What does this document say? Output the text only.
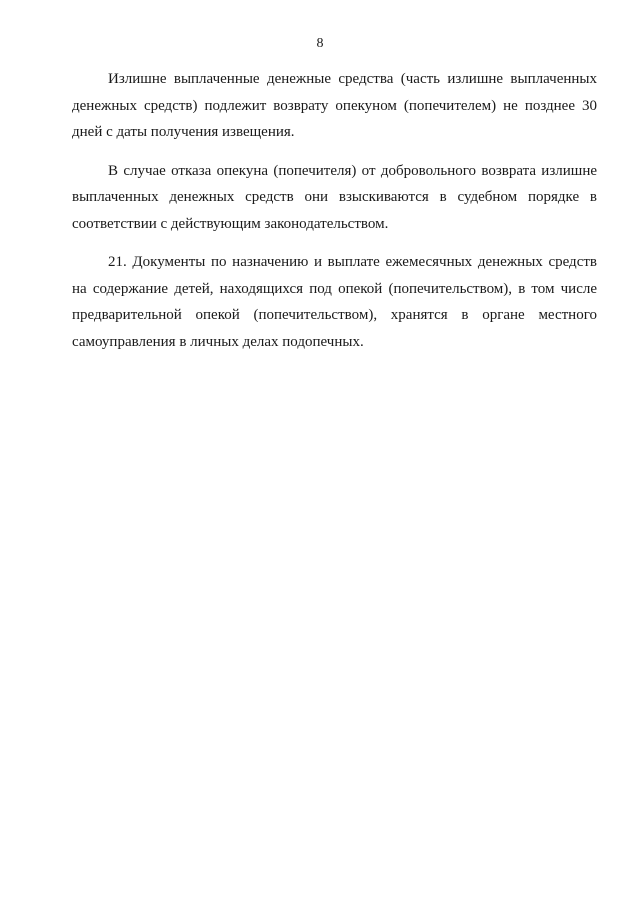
8

Излишне выплаченные денежные средства (часть излишне выплаченных денежных средств) подлежит возврату опекуном (попечителем) не позднее 30 дней с даты получения извещения.

В случае отказа опекуна (попечителя) от добровольного возврата излишне выплаченных денежных средств они взыскиваются в судебном порядке в соответствии с действующим законодательством.

21. Документы по назначению и выплате ежемесячных денежных средств на содержание детей, находящихся под опекой (попечительством), в том числе предварительной опекой (попечительством), хранятся в органе местного самоуправления в личных делах подопечных.
